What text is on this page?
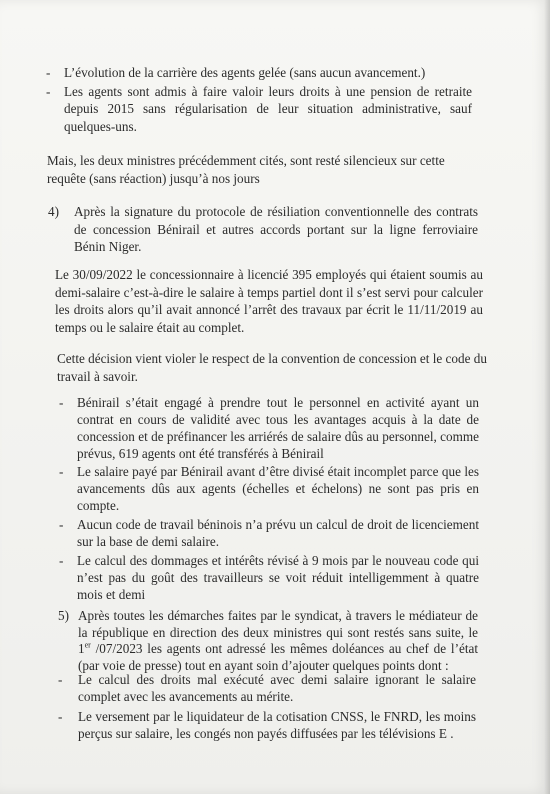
- L’évolution de la carrière des agents gelée (sans aucun avancement.)
- Les agents sont admis à faire valoir leurs droits à une pension de retraite depuis 2015 sans régularisation de leur situation administrative, sauf quelques-uns.
Mais, les deux ministres précédemment cités, sont resté silencieux sur cette requête (sans réaction) jusqu’à nos jours
4) Après la signature du protocole de résiliation conventionnelle des contrats de concession Bénirail et autres accords portant sur la ligne ferroviaire Bénin Niger.
Le 30/09/2022 le concessionnaire à licencié 395 employés qui étaient soumis au demi-salaire c’est-à-dire le salaire à temps partiel dont il s’est servi pour calculer les droits alors qu’il avait annoncé l’arrêt des travaux par écrit le 11/11/2019 au temps ou le salaire était au complet.
Cette décision vient violer le respect de la convention de concession et le code du travail à savoir.
- Bénirail s’était engagé à prendre tout le personnel en activité ayant un contrat en cours de validité avec tous les avantages acquis à la date de concession et de préfinancer les arriérés de salaire dûs au personnel, comme prévus, 619 agents ont été transférés à Bénirail
- Le salaire payé par Bénirail avant d’être divisé était incomplet parce que les avancements dûs aux agents (échelles et échelons) ne sont pas pris en compte.
- Aucun code de travail béninois n’a prévu un calcul de droit de licenciement sur la base de demi salaire.
- Le calcul des dommages et intérêts révisé à 9 mois par le nouveau code qui n’est pas du goût des travailleurs se voit réduit intelligemment à quatre mois et demi
5) Après toutes les démarches faites par le syndicat, à travers le médiateur de la république en direction des deux ministres qui sont restés sans suite, le 1er /07/2023 les agents ont adressé les mêmes doléances au chef de l’état (par voie de presse) tout en ayant soin d’ajouter quelques points dont :
- Le calcul des droits mal exécuté avec demi salaire ignorant le salaire complet avec les avancements au mérite.
- Le versement par le liquidateur de la cotisation CNSS, le FNRD, les moins perçus sur salaire, les congés non payés diffusées par les télévisions E .
